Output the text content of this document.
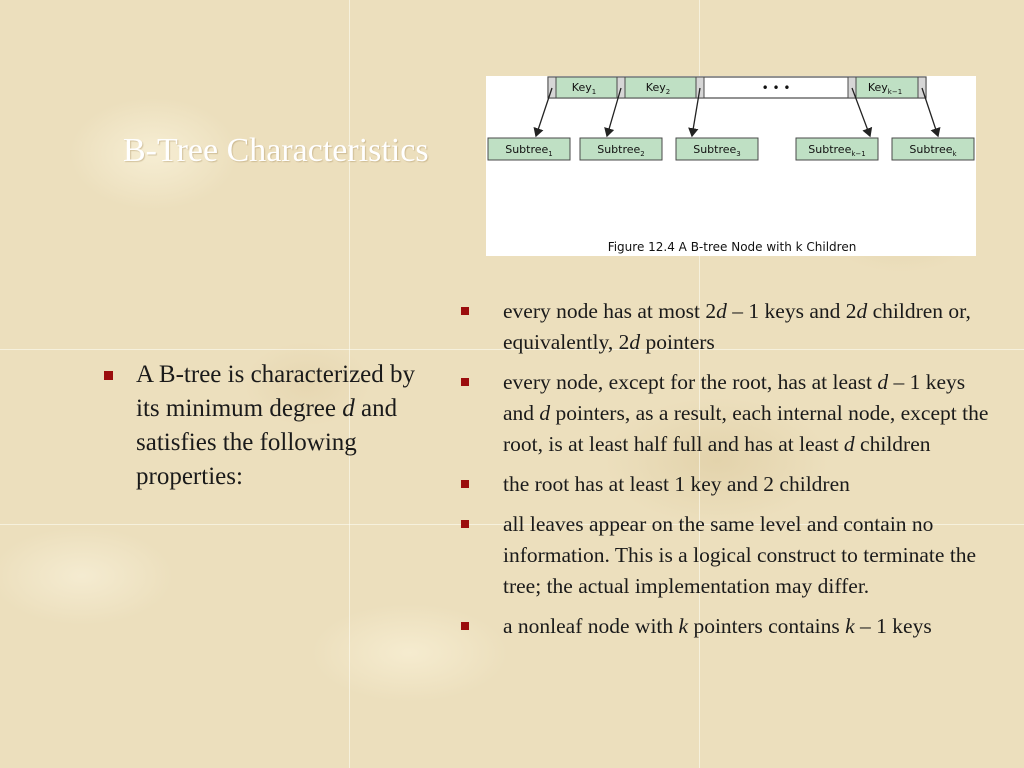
B-Tree Characteristics
Key$_1$	Key$_2$	Key$_{k-1}$
• • •
Subtree$_1$	Subtree$_2$	Subtree$_3$	Subtree$_{k-1}$	Subtree$_k$
Figure 12.4 A B-tree Node with k Children
A B-tree is characterized by its minimum degree d and satisfies the following properties:
every node has at most 2d – 1 keys and 2d children or, equivalently, 2d pointers
every node, except for the root, has at least d – 1 keys and d pointers, as a result, each internal node, except the root, is at least half full and has at least d children
the root has at least 1 key and 2 children
all leaves appear on the same level and contain no information. This is a logical construct to terminate the tree; the actual implementation may differ.
a nonleaf node with k pointers contains k – 1 keys
